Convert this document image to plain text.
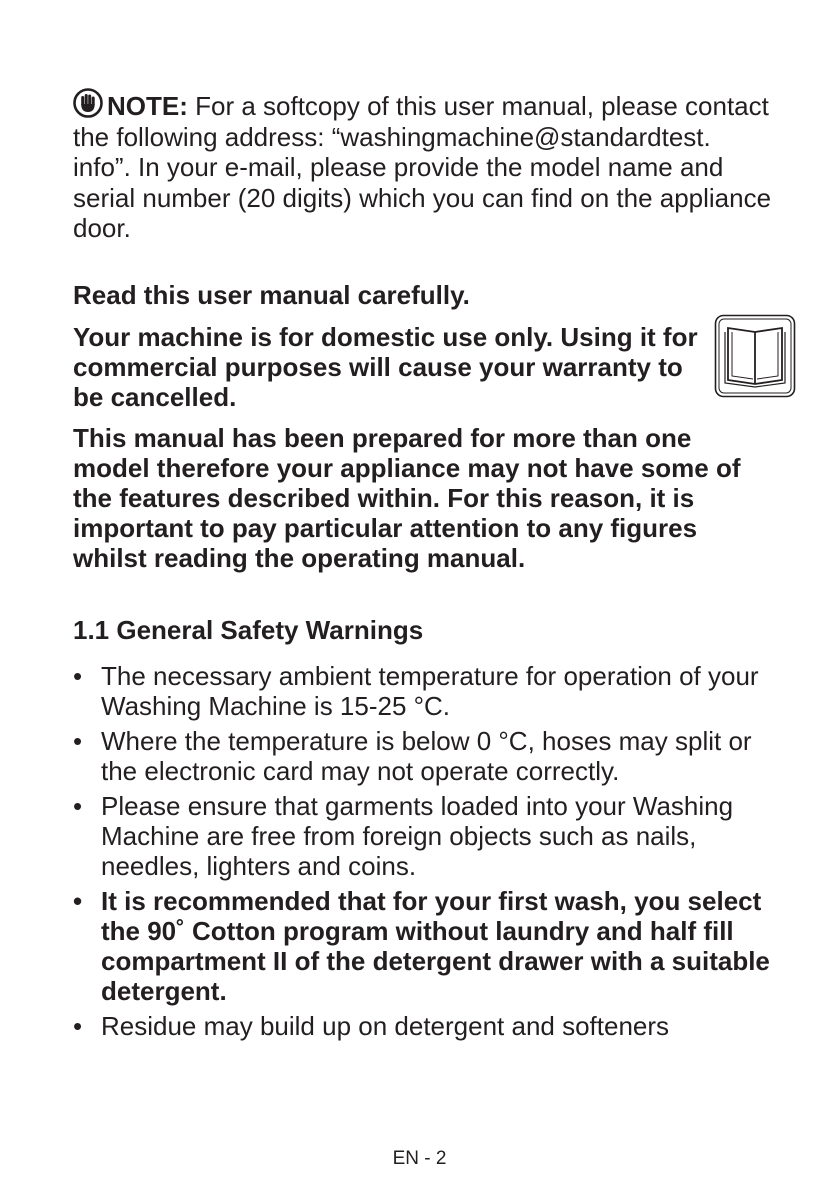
NOTE: For a softcopy of this user manual, please contact the following address: “washingmachine@standardtest. info”. In your e-mail, please provide the model name and serial number (20 digits) which you can find on the appliance door.

Read this user manual carefully.

Your machine is for domestic use only. Using it for commercial purposes will cause your warranty to be cancelled.

This manual has been prepared for more than one model therefore your appliance may not have some of the features described within. For this reason, it is important to pay particular attention to any figures whilst reading the operating manual.

1.1 General Safety Warnings
• The necessary ambient temperature for operation of your Washing Machine is 15-25 °C.
• Where the temperature is below 0 °C, hoses may split or the electronic card may not operate correctly.
• Please ensure that garments loaded into your Washing Machine are free from foreign objects such as nails, needles, lighters and coins.
• It is recommended that for your first wash, you select the 90˚ Cotton program without laundry and half fill compartment II of the detergent drawer with a suitable detergent.
• Residue may build up on detergent and softeners
EN - 2
